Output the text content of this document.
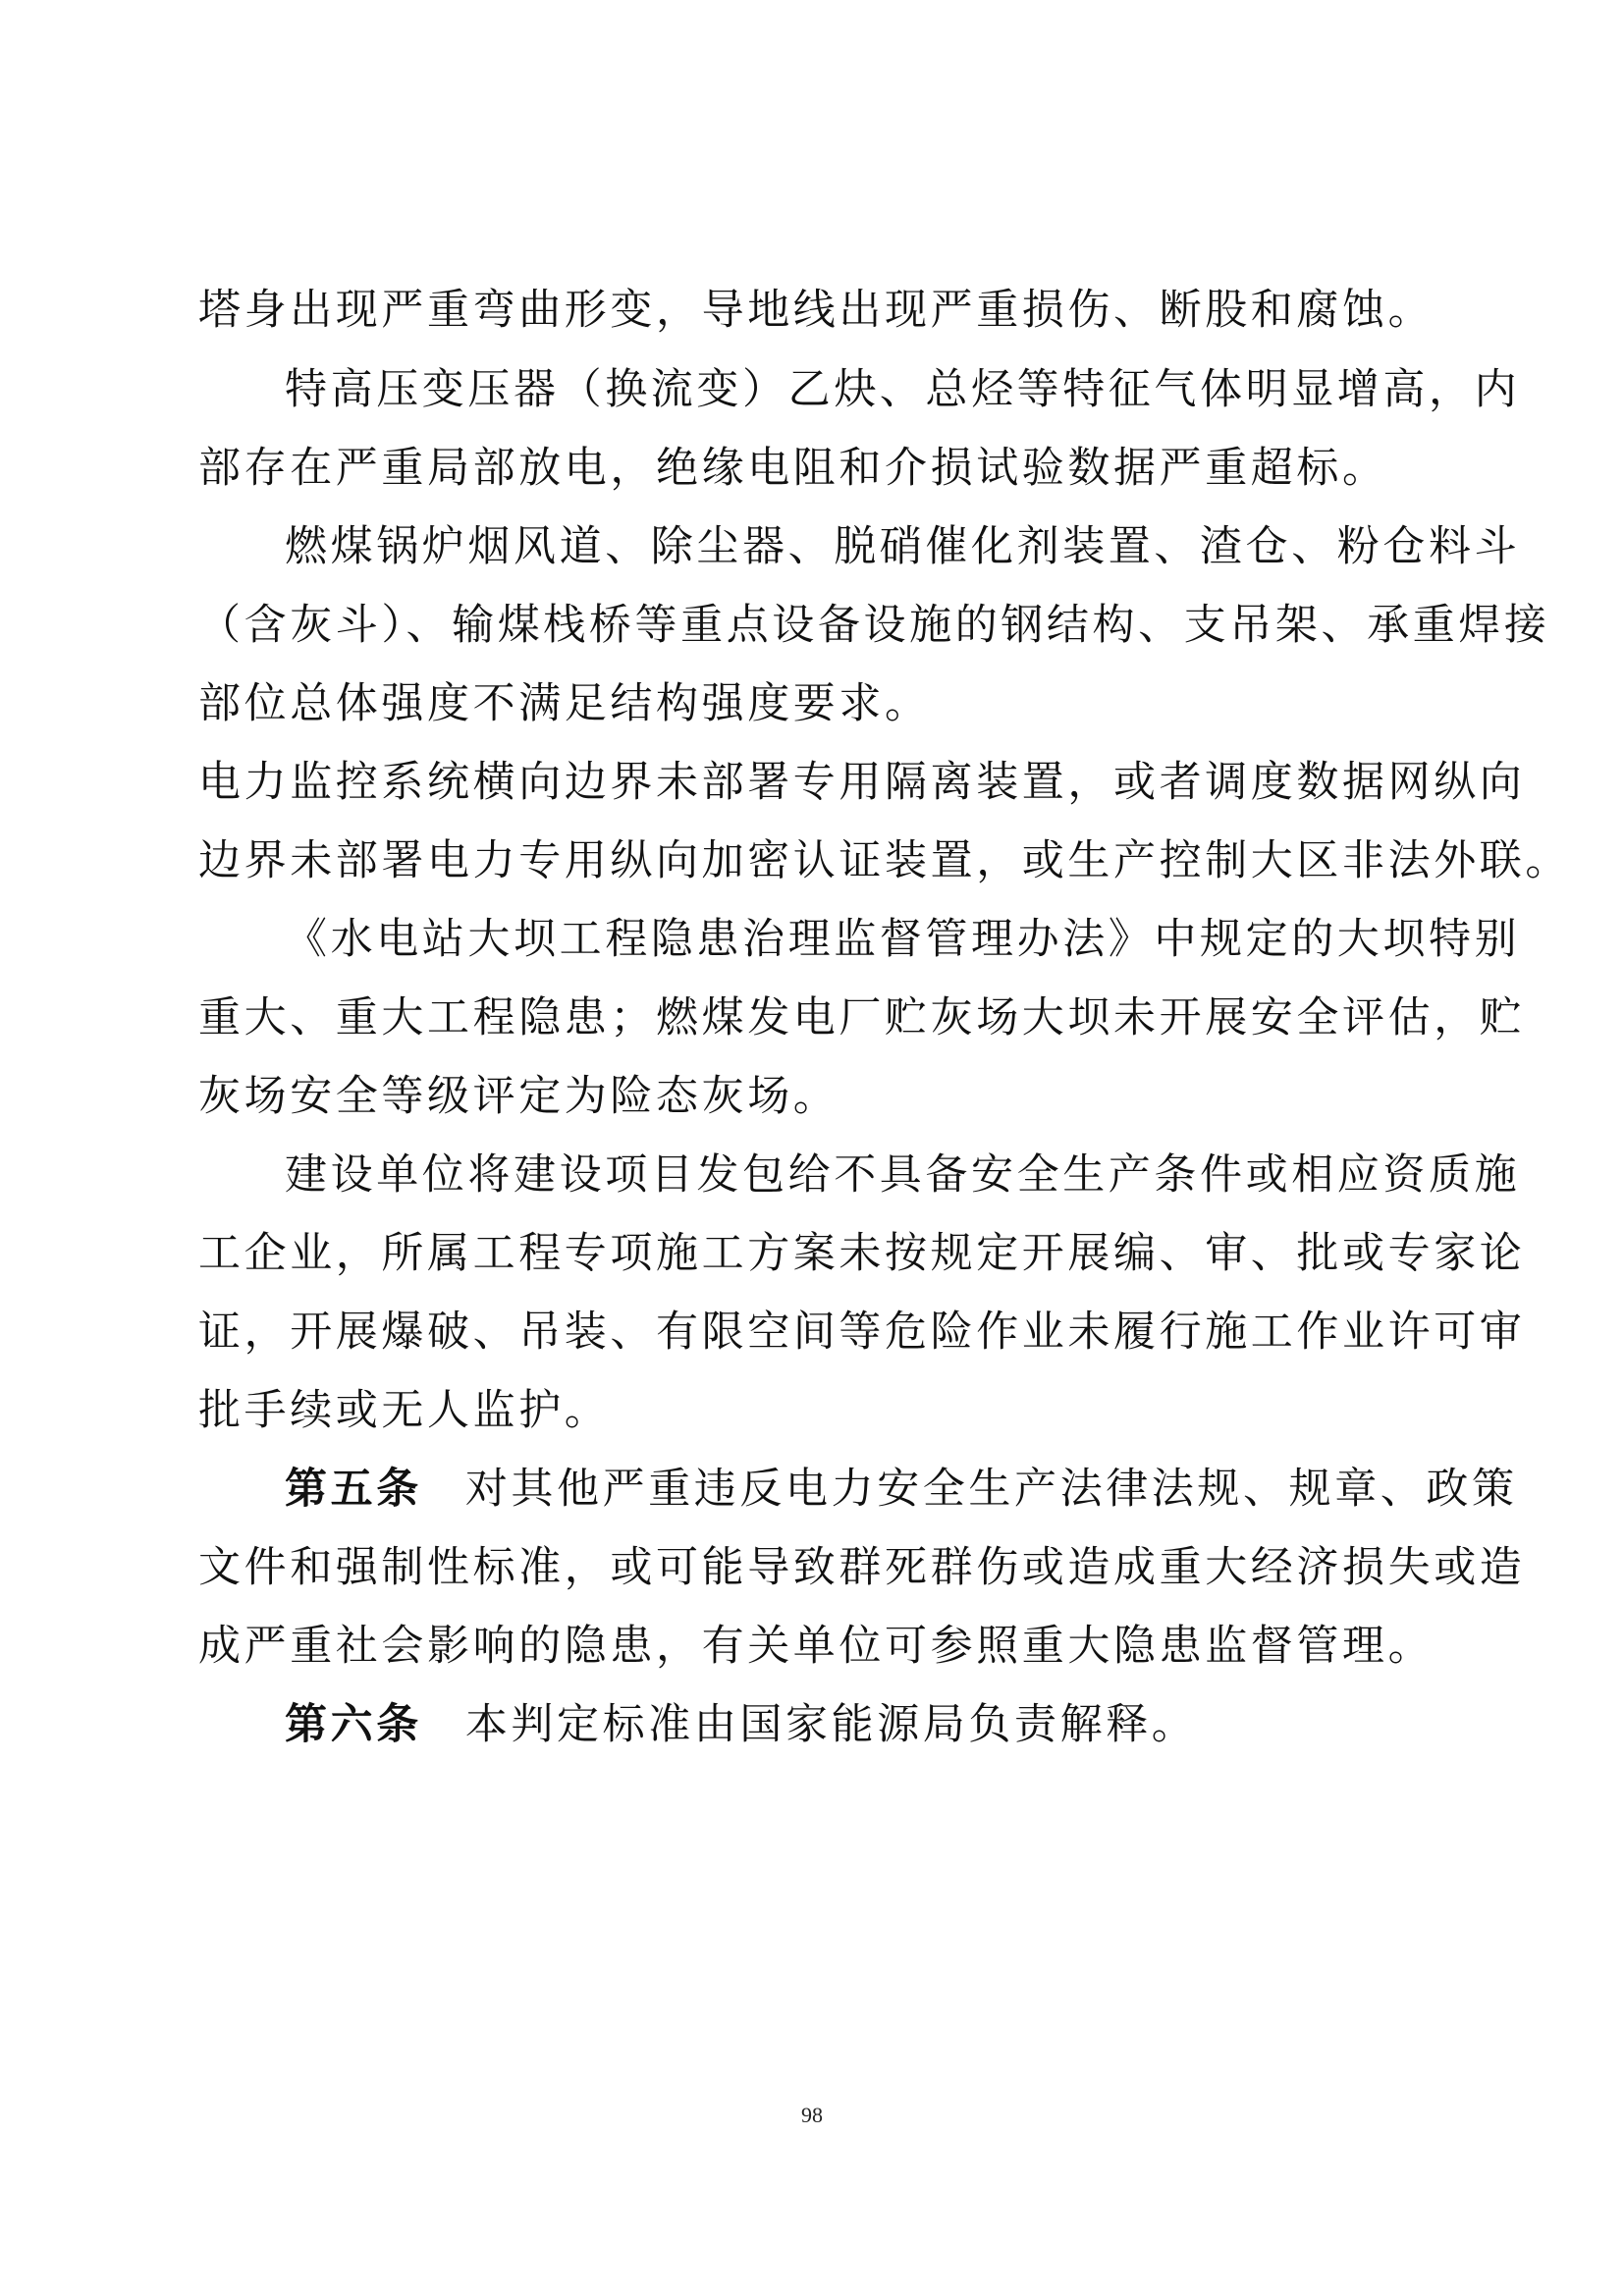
塔身出现严重弯曲形变，导地线出现严重损伤、断股和腐蚀。
特高压变压器（换流变）乙炔、总烃等特征气体明显增高，内
部存在严重局部放电，绝缘电阻和介损试验数据严重超标。
燃煤锅炉烟风道、除尘器、脱硝催化剂装置、渣仓、粉仓料斗
（含灰斗）、输煤栈桥等重点设备设施的钢结构、支吊架、承重焊接
部位总体强度不满足结构强度要求。
电力监控系统横向边界未部署专用隔离装置，或者调度数据网纵向
边界未部署电力专用纵向加密认证装置，或生产控制大区非法外联。
《水电站大坝工程隐患治理监督管理办法》中规定的大坝特别
重大、重大工程隐患；燃煤发电厂贮灰场大坝未开展安全评估，贮
灰场安全等级评定为险态灰场。
建设单位将建设项目发包给不具备安全生产条件或相应资质施
工企业，所属工程专项施工方案未按规定开展编、审、批或专家论
证，开展爆破、吊装、有限空间等危险作业未履行施工作业许可审
批手续或无人监护。
第五条 对其他严重违反电力安全生产法律法规、规章、政策
文件和强制性标准，或可能导致群死群伤或造成重大经济损失或造
成严重社会影响的隐患，有关单位可参照重大隐患监督管理。
第六条 本判定标准由国家能源局负责解释。
98
